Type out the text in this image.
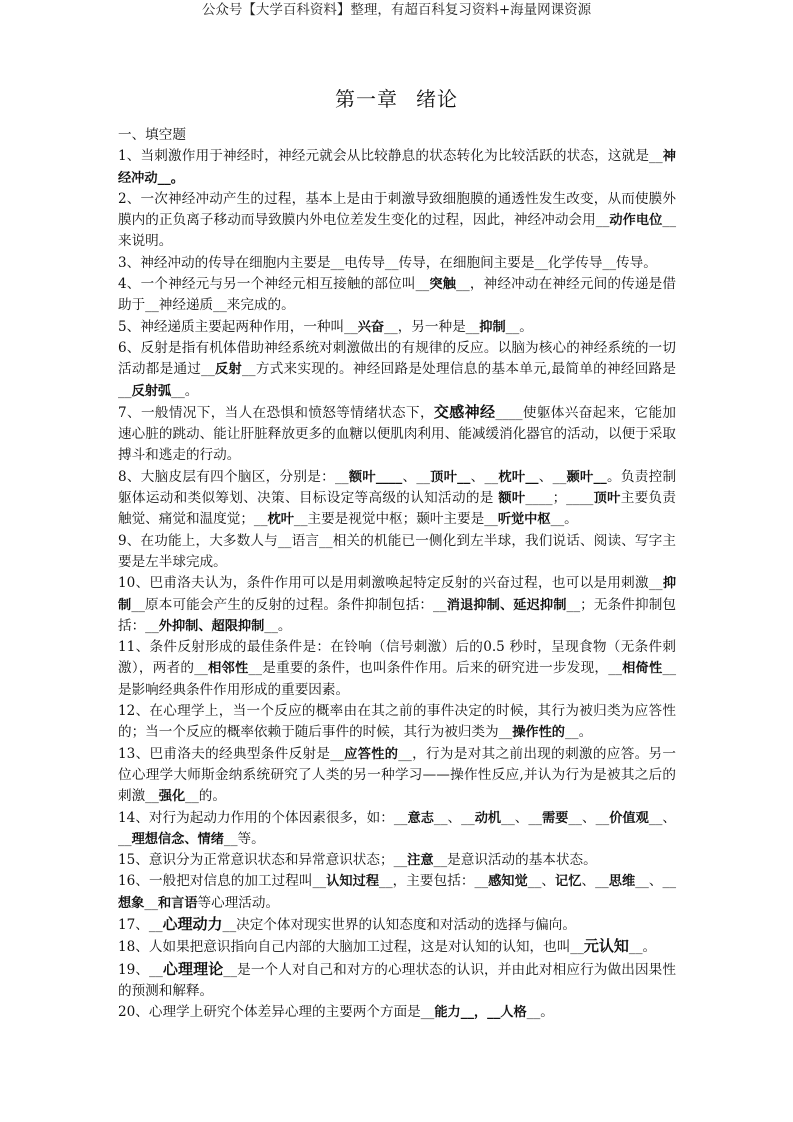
公众号【大学百科资料】整理，有超百科复习资料+海量网课资源
第一章 绪论

一、填空题

1、当刺激作用于神经时，神经元就会从比较静息的状态转化为比较活跃的状态，这就是__神经冲动__。

2、一次神经冲动产生的过程，基本上是由于刺激导致细胞膜的通透性发生改变，从而使膜外膜内的正负离子移动而导致膜内外电位差发生变化的过程，因此，神经冲动会用__动作电位__来说明。

3、神经冲动的传导在细胞内主要是__电传导__传导，在细胞间主要是__化学传导__传导。

4、一个神经元与另一个神经元相互接触的部位叫__突触__，神经冲动在神经元间的传递是借助于__神经递质__来完成的。

5、神经递质主要起两种作用，一种叫__兴奋__，另一种是__抑制__。

6、反射是指有机体借助神经系统对刺激做出的有规律的反应。以脑为核心的神经系统的一切活动都是通过__反射__方式来实现的。神经回路是处理信息的基本单元,最简单的神经回路是__反射弧__。

7、一般情况下，当人在恐惧和愤怒等情绪状态下，交感神经____使躯体兴奋起来，它能加速心脏的跳动、能让肝脏释放更多的血糖以便肌肉利用、能减缓消化器官的活动，以便于采取搏斗和逃走的行动。

8、大脑皮层有四个脑区，分别是：__额叶____、__顶叶__、__枕叶__、__颞叶__。负责控制躯体运动和类似筹划、决策、目标设定等高级的认知活动的是 额叶____；____顶叶主要负责触觉、痛觉和温度觉；__枕叶__主要是视觉中枢；颞叶主要是__听觉中枢__。

9、在功能上，大多数人与__语言__相关的机能已一侧化到左半球，我们说话、阅读、写字主要是左半球完成。

10、巴甫洛夫认为，条件作用可以是用刺激唤起特定反射的兴奋过程，也可以是用刺激__抑制__原本可能会产生的反射的过程。条件抑制包括：__消退抑制、延迟抑制__；无条件抑制包括：__外抑制、超限抑制__。

11、条件反射形成的最佳条件是：在铃响（信号刺激）后的0.5 秒时，呈现食物（无条件刺激），两者的__相邻性__是重要的条件，也叫条件作用。后来的研究进一步发现，__相倚性__是影响经典条件作用形成的重要因素。

12、在心理学上，当一个反应的概率由在其之前的事件决定的时候，其行为被归类为应答性的；当一个反应的概率依赖于随后事件的时候，其行为被归类为__操作性的__。

13、巴甫洛夫的经典型条件反射是__应答性的__，行为是对其之前出现的刺激的应答。另一位心理学大师斯金纳系统研究了人类的另一种学习——操作性反应,并认为行为是被其之后的刺激__强化__的。

14、对行为起动力作用的个体因素很多，如：__意志__、__动机__、__需要__、__价值观__、__理想信念、情绪__等。

15、意识分为正常意识状态和异常意识状态；__注意__是意识活动的基本状态。

16、一般把对信息的加工过程叫__认知过程__，主要包括：__感知觉__、记忆、__思维__、__想象__和言语等心理活动。

17、__心理动力__决定个体对现实世界的认知态度和对活动的选择与偏向。

18、人如果把意识指向自己内部的大脑加工过程，这是对认知的认知，也叫__元认知__。

19、__心理理论__是一个人对自己和对方的心理状态的认识，并由此对相应行为做出因果性的预测和解释。

20、心理学上研究个体差异心理的主要两个方面是__能力__，__人格__。
